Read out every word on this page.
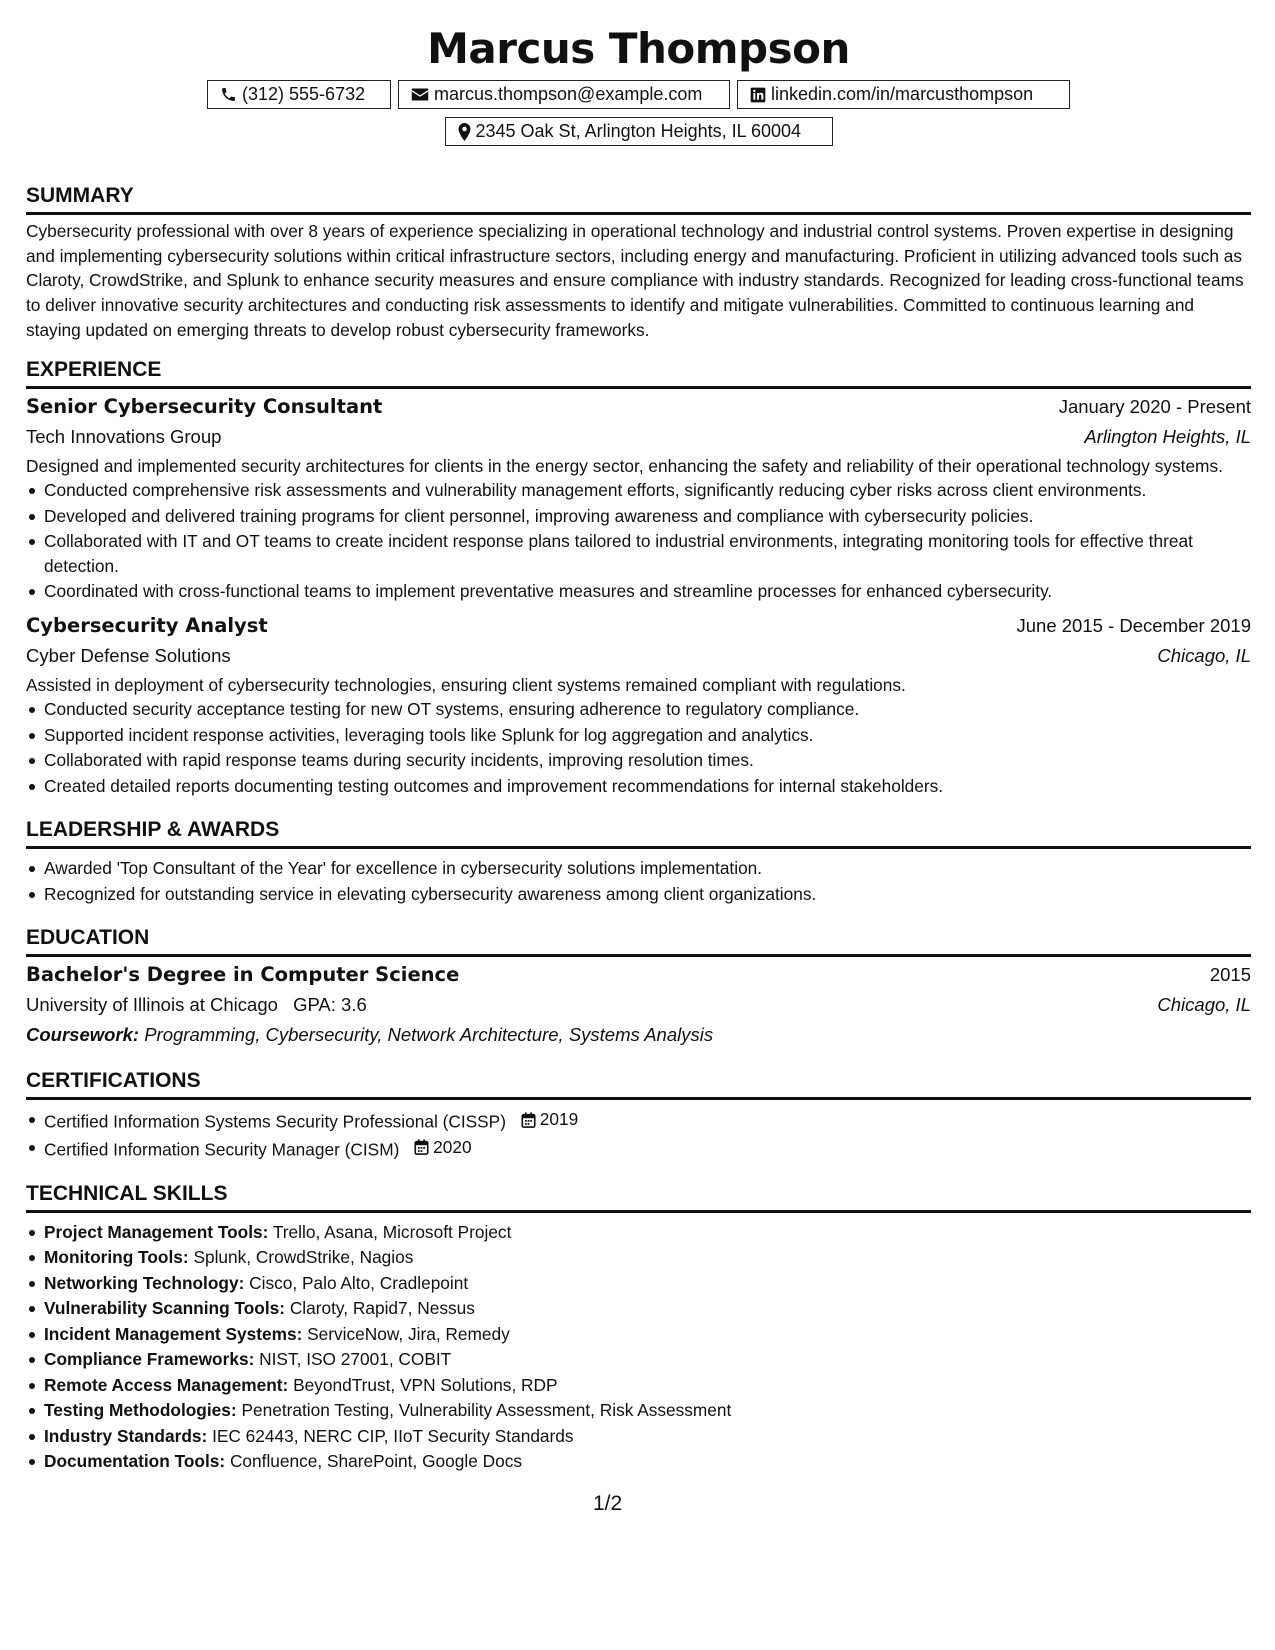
Marcus Thompson
(312) 555-6732	marcus.thompson@example.com	linkedin.com/in/marcusthompson
2345 Oak St, Arlington Heights, IL 60004
SUMMARY

Cybersecurity professional with over 8 years of experience specializing in operational technology and industrial control systems. Proven expertise in designing and implementing cybersecurity solutions within critical infrastructure sectors, including energy and manufacturing. Proficient in utilizing advanced tools such as Claroty, CrowdStrike, and Splunk to enhance security measures and ensure compliance with industry standards. Recognized for leading cross-functional teams to deliver innovative security architectures and conducting risk assessments to identify and mitigate vulnerabilities. Committed to continuous learning and staying updated on emerging threats to develop robust cybersecurity frameworks.

EXPERIENCE
Senior Cybersecurity Consultant	January 2020 - Present
Tech Innovations Group	Arlington Heights, IL

Designed and implemented security architectures for clients in the energy sector, enhancing the safety and reliability of their operational technology systems.

Conducted comprehensive risk assessments and vulnerability management efforts, significantly reducing cyber risks across client environments.
Developed and delivered training programs for client personnel, improving awareness and compliance with cybersecurity policies.
Collaborated with IT and OT teams to create incident response plans tailored to industrial environments, integrating monitoring tools for effective threat detection.
Coordinated with cross-functional teams to implement preventative measures and streamline processes for enhanced cybersecurity.
Cybersecurity Analyst	June 2015 - December 2019
Cyber Defense Solutions	Chicago, IL

Assisted in deployment of cybersecurity technologies, ensuring client systems remained compliant with regulations.

Conducted security acceptance testing for new OT systems, ensuring adherence to regulatory compliance.
Supported incident response activities, leveraging tools like Splunk for log aggregation and analytics.
Collaborated with rapid response teams during security incidents, improving resolution times.
Created detailed reports documenting testing outcomes and improvement recommendations for internal stakeholders.
LEADERSHIP & AWARDS
Awarded 'Top Consultant of the Year' for excellence in cybersecurity solutions implementation.
Recognized for outstanding service in elevating cybersecurity awareness among client organizations.
EDUCATION
Bachelor's Degree in Computer Science	2015
University of Illinois at Chicago GPA: 3.6	Chicago, IL
Coursework: Programming, Cybersecurity, Network Architecture, Systems Analysis
CERTIFICATIONS
Certified Information Systems Security Professional (CISSP) 2019
Certified Information Security Manager (CISM) 2020
TECHNICAL SKILLS
Project Management Tools: Trello, Asana, Microsoft Project
Monitoring Tools: Splunk, CrowdStrike, Nagios
Networking Technology: Cisco, Palo Alto, Cradlepoint
Vulnerability Scanning Tools: Claroty, Rapid7, Nessus
Incident Management Systems: ServiceNow, Jira, Remedy
Compliance Frameworks: NIST, ISO 27001, COBIT
Remote Access Management: BeyondTrust, VPN Solutions, RDP
Testing Methodologies: Penetration Testing, Vulnerability Assessment, Risk Assessment
Industry Standards: IEC 62443, NERC CIP, IIoT Security Standards
Documentation Tools: Confluence, SharePoint, Google Docs
1/2
